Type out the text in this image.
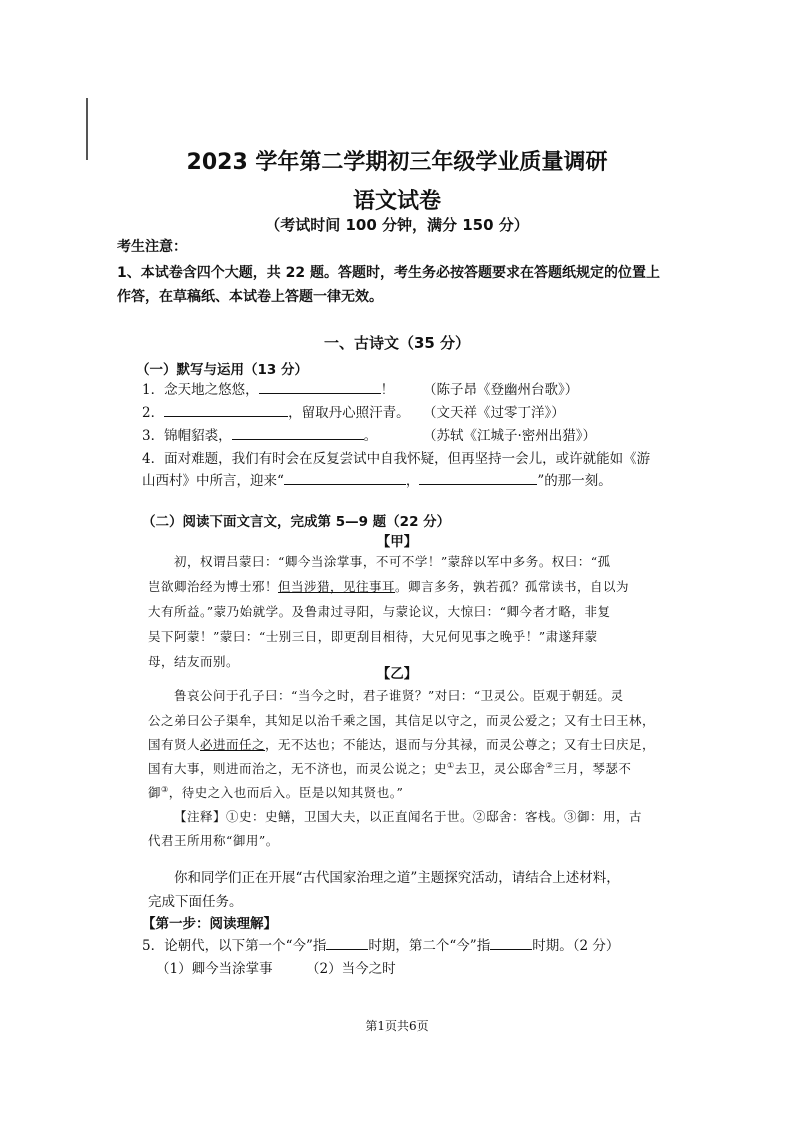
2023 学年第二学期初三年级学业质量调研
语文试卷
（考试时间 100 分钟，满分 150 分）
考生注意：
1、本试卷含四个大题，共 22 题。答题时，考生务必按答题要求在答题纸规定的位置上
作答，在草稿纸、本试卷上答题一律无效。
一、古诗文（35 分）
（一）默写与运用（13 分）
1．念天地之悠悠，	！ （陈子昂《登幽州台歌》）
2．	，留取丹心照汗青。 （文天祥《过零丁洋》）
3．锦帽貂裘，	。	（苏轼《江城子·密州出猎》）
4．面对难题，我们有时会在反复尝试中自我怀疑，但再坚持一会儿，或许就能如《游
山西村》中所言，迎来“	，	”的那一刻。
（二）阅读下面文言文，完成第 5—9 题（22 分）
【甲】
初，权谓吕蒙曰：“卿今当涂掌事，不可不学！”蒙辞以军中多务。权曰：“孤
岂欲卿治经为博士邪！但当涉猎，见往事耳。卿言多务，孰若孤？孤常读书，自以为
大有所益。”蒙乃始就学。及鲁肃过寻阳，与蒙论议，大惊曰：“卿今者才略，非复
吴下阿蒙！”蒙曰：“士别三日，即更刮目相待，大兄何见事之晚乎！”肃遂拜蒙
母，结友而别。
【乙】
鲁哀公问于孔子曰：“当今之时，君子谁贤？”对曰：“卫灵公。臣观于朝廷。灵
公之弟曰公子渠牟，其知足以治千乘之国，其信足以守之，而灵公爱之；又有士曰王林，
国有贤人必进而任之，无不达也；不能达，退而与分其禄，而灵公尊之；又有士曰庆足，
国有大事，则进而治之，无不济也，而灵公说之；史①去卫，灵公邸舍②三月，琴瑟不
御③，待史之入也而后入。臣是以知其贤也。”
【注释】①史：史鳝，卫国大夫，以正直闻名于世。②邸舍：客栈。③御：用，古
代君王所用称“御用”。
你和同学们正在开展“古代国家治理之道”主题探究活动，请结合上述材料，
完成下面任务。
【第一步：阅读理解】
5．论朝代，以下第一个“今”指	时期，第二个“今”指	时期。（2 分）
（1）卿今当涂掌事 （2）当今之时
第1页共6页
